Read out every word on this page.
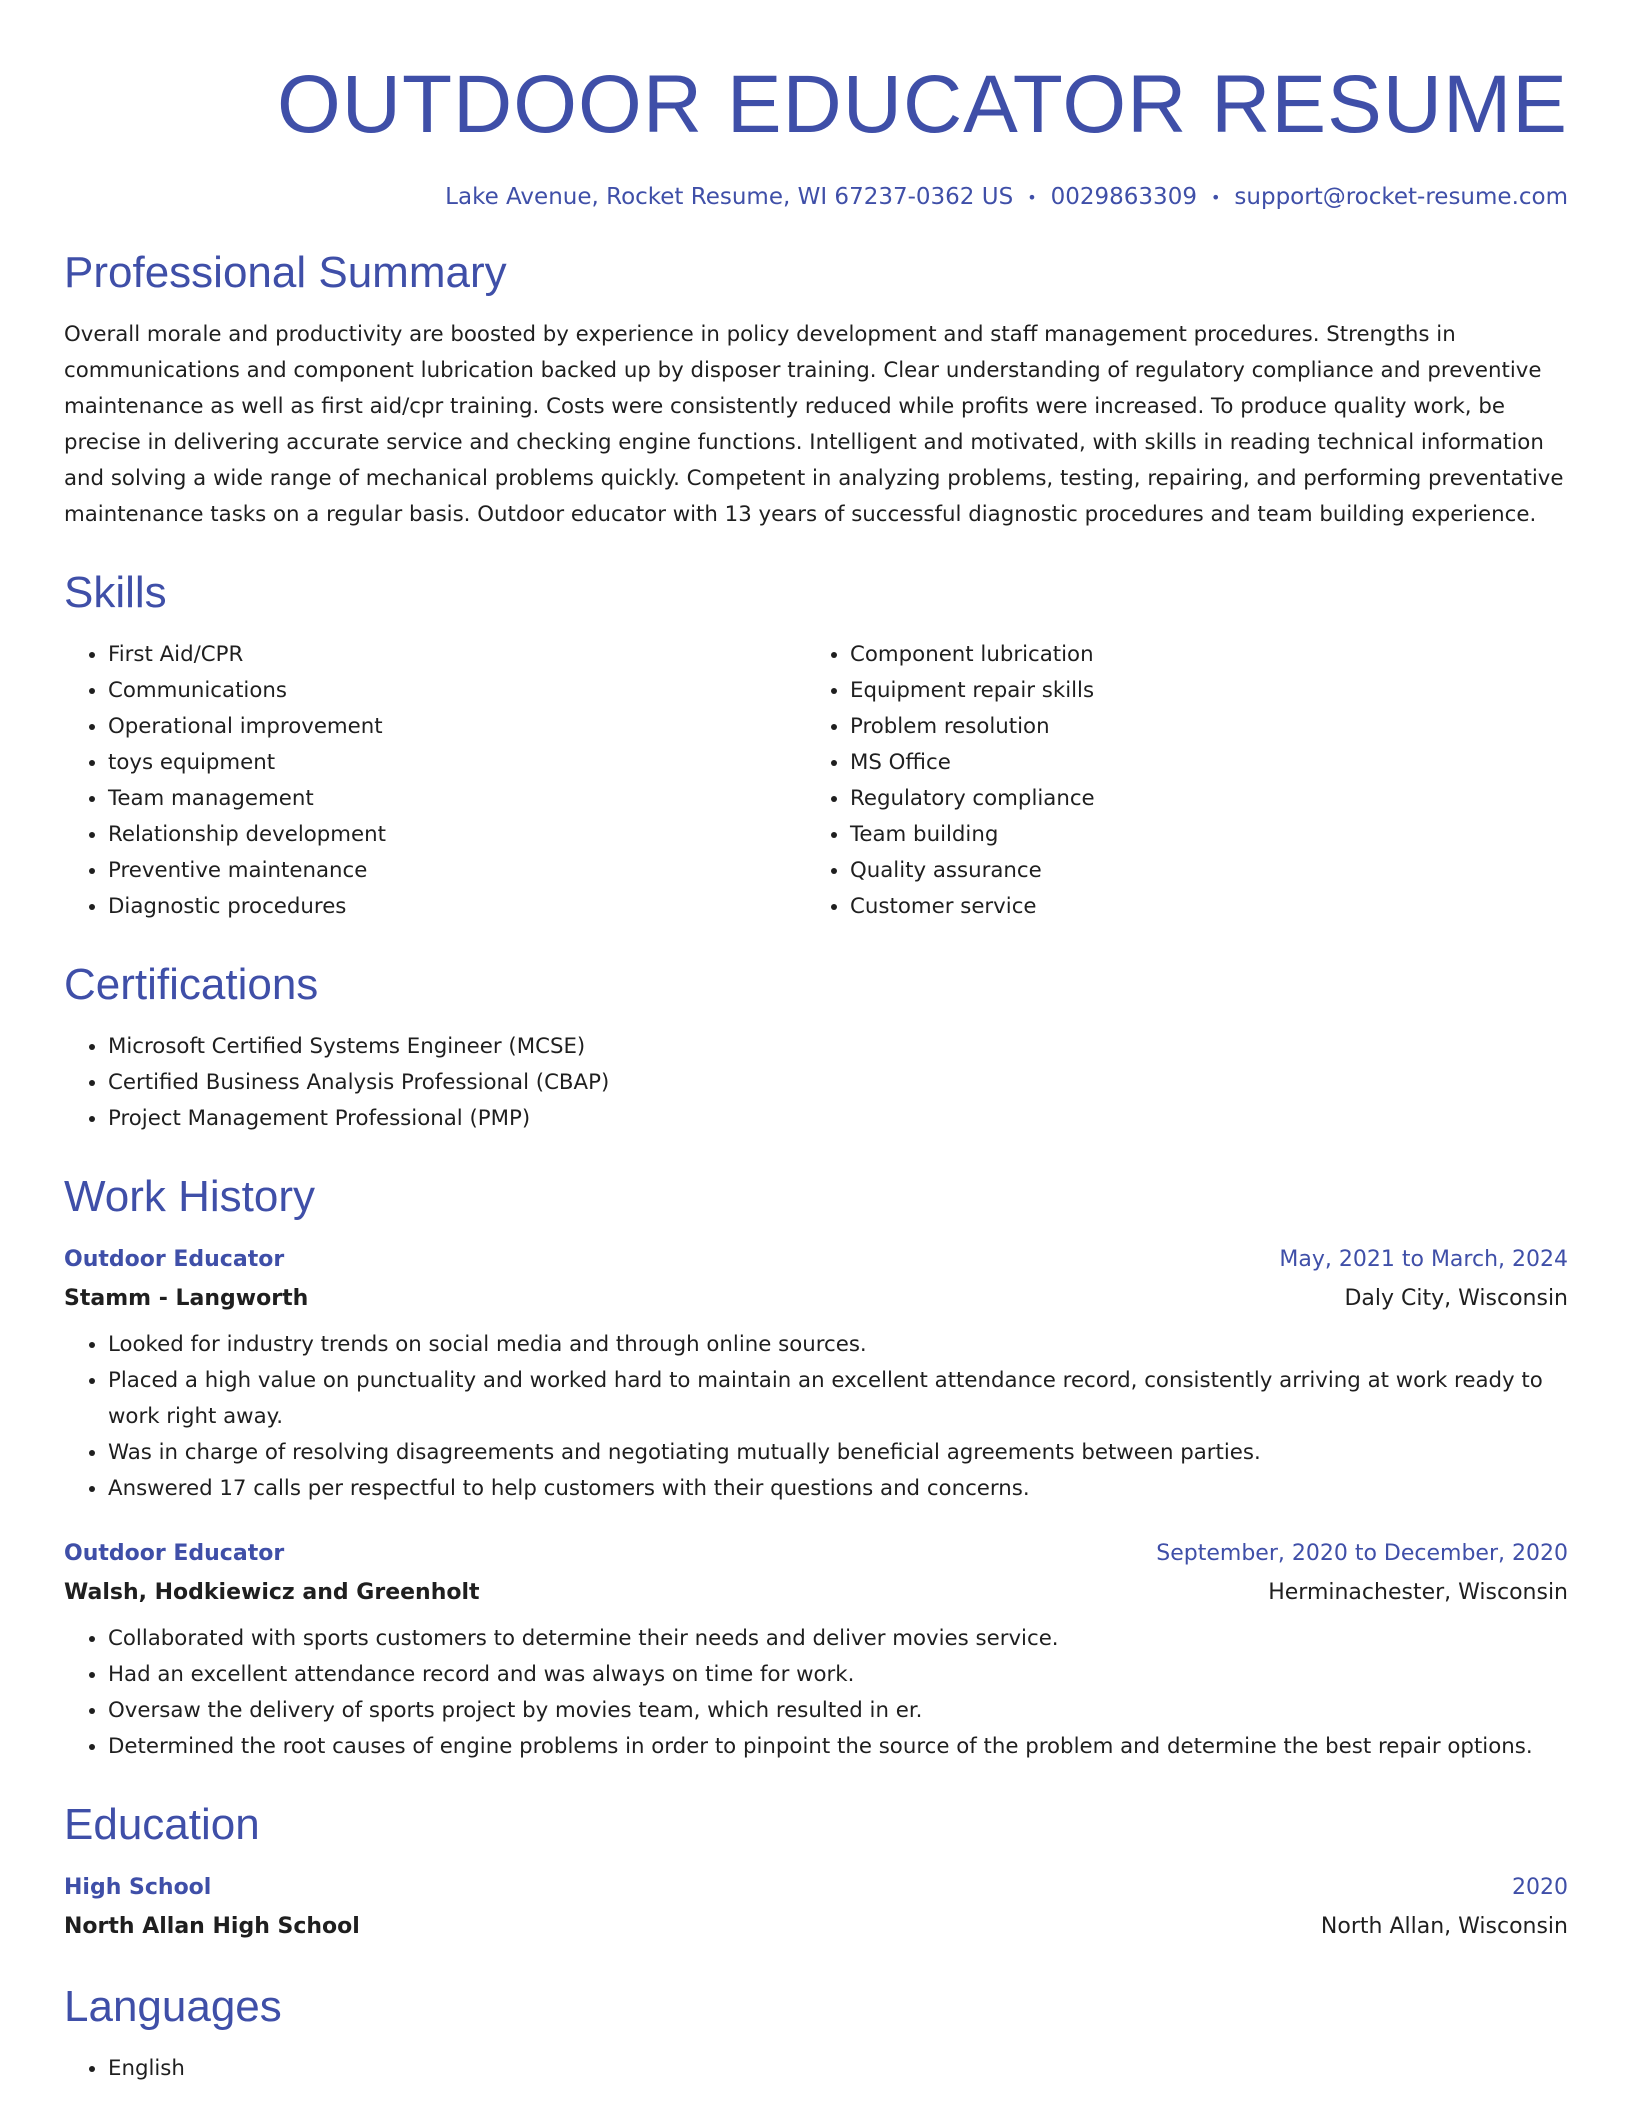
OUTDOOR EDUCATOR RESUME
Lake Avenue, Rocket Resume, WI 67237-0362 US • 0029863309 • support@rocket-resume.com
Professional Summary

Overall morale and productivity are boosted by experience in policy development and staff management procedures. Strengths in communications and component lubrication backed up by disposer training. Clear understanding of regulatory compliance and preventive maintenance as well as first aid/cpr training. Costs were consistently reduced while profits were increased. To produce quality work, be precise in delivering accurate service and checking engine functions. Intelligent and motivated, with skills in reading technical information and solving a wide range of mechanical problems quickly. Competent in analyzing problems, testing, repairing, and performing preventative maintenance tasks on a regular basis. Outdoor educator with 13 years of successful diagnostic procedures and team building experience.

Skills
• First Aid/CPR
• Communications
• Operational improvement
• toys equipment
• Team management
• Relationship development
• Preventive maintenance
• Diagnostic procedures
• Component lubrication
• Equipment repair skills
• Problem resolution
• MS Office
• Regulatory compliance
• Team building
• Quality assurance
• Customer service
Certifications
• Microsoft Certified Systems Engineer (MCSE)
• Certified Business Analysis Professional (CBAP)
• Project Management Professional (PMP)
Work History
Outdoor Educator	May, 2021 to March, 2024
Stamm - Langworth	Daly City, Wisconsin
• Looked for industry trends on social media and through online sources.
• Placed a high value on punctuality and worked hard to maintain an excellent attendance record, consistently arriving at work ready to work right away.
• Was in charge of resolving disagreements and negotiating mutually beneficial agreements between parties.
• Answered 17 calls per respectful to help customers with their questions and concerns.
Outdoor Educator	September, 2020 to December, 2020
Walsh, Hodkiewicz and Greenholt	Herminachester, Wisconsin
• Collaborated with sports customers to determine their needs and deliver movies service.
• Had an excellent attendance record and was always on time for work.
• Oversaw the delivery of sports project by movies team, which resulted in er.
• Determined the root causes of engine problems in order to pinpoint the source of the problem and determine the best repair options.
Education
High School	2020
North Allan High School	North Allan, Wisconsin
Languages
• English
